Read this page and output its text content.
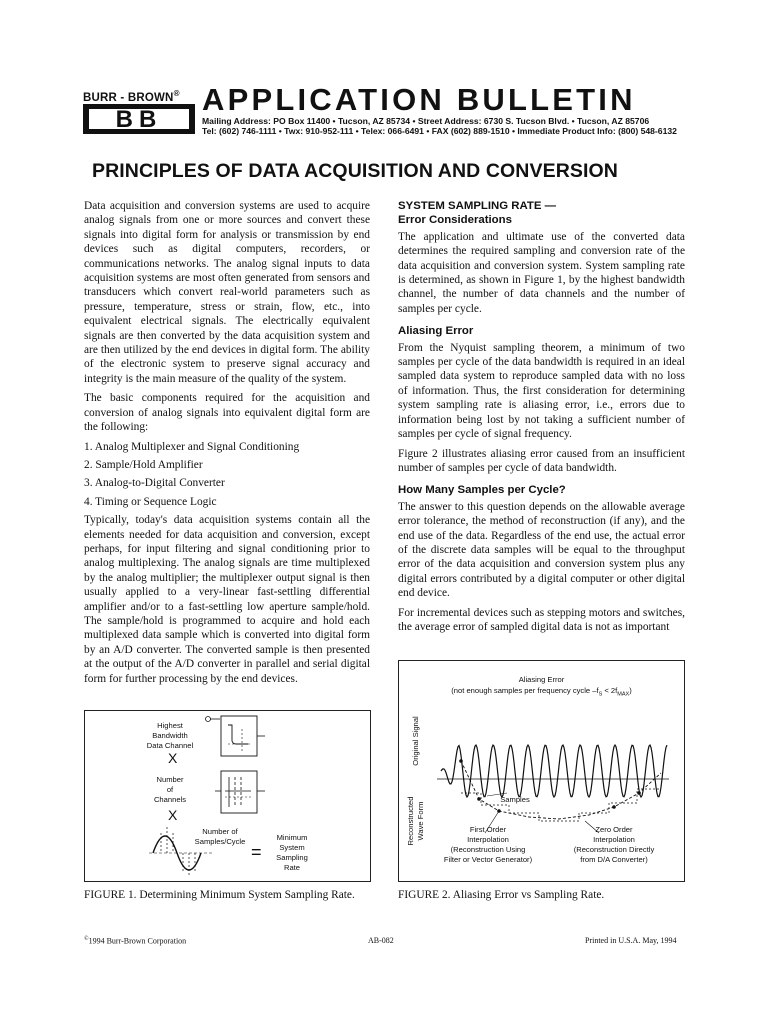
BURR - BROWN®
BB
APPLICATION BULLETIN
Mailing Address: PO Box 11400 • Tucson, AZ 85734 • Street Address: 6730 S. Tucson Blvd. • Tucson, AZ 85706
Tel: (602) 746-1111 • Twx: 910-952-111 • Telex: 066-6491 • FAX (602) 889-1510 • Immediate Product Info: (800) 548-6132
PRINCIPLES OF DATA ACQUISITION AND CONVERSION

Data acquisition and conversion systems are used to acquire analog signals from one or more sources and convert these signals into digital form for analysis or transmission by end devices such as digital computers, recorders, or communications networks. The analog signal inputs to data acquisition systems are most often generated from sensors and transducers which convert real-world parameters such as pressure, temperature, stress or strain, flow, etc., into equivalent electrical signals. The electrically equivalent signals are then converted by the data acquisition system and are then utilized by the end devices in digital form. The ability of the electronic system to preserve signal accuracy and integrity is the main measure of the quality of the system.

The basic components required for the acquisition and conversion of analog signals into equivalent digital form are the following:

1. Analog Multiplexer and Signal Conditioning
2. Sample/Hold Amplifier
3. Analog-to-Digital Converter
4. Timing or Sequence Logic

Typically, today's data acquisition systems contain all the elements needed for data acquisition and conversion, except perhaps, for input filtering and signal conditioning prior to analog multiplexing. The analog signals are time multiplexed by the analog multiplier; the multiplexer output signal is then usually applied to a very-linear fast-settling differential amplifier and/or to a fast-settling low aperture sample/hold. The sample/hold is programmed to acquire and hold each multiplexed data sample which is converted into digital form by an A/D converter. The converted sample is then presented at the output of the A/D converter in parallel and serial digital form for further processing by the end devices.

SYSTEM SAMPLING RATE —
Error Considerations

The application and ultimate use of the converted data determines the required sampling and conversion rate of the data acquisition and conversion system. System sampling rate is determined, as shown in Figure 1, by the highest bandwidth channel, the number of data channels and the number of samples per cycle.

Aliasing Error

From the Nyquist sampling theorem, a minimum of two samples per cycle of the data bandwidth is required in an ideal sampled data system to reproduce sampled data with no loss of information. Thus, the first consideration for determining system sampling rate is aliasing error, i.e., errors due to information being lost by not taking a sufficient number of samples per cycle of signal frequency.

Figure 2 illustrates aliasing error caused from an insufficient number of samples per cycle of data bandwidth.

How Many Samples per Cycle?

The answer to this question depends on the allowable average error tolerance, the method of reconstruction (if any), and the end use of the data. Regardless of the end use, the actual error of the discrete data samples will be equal to the throughput error of the data acquisition and conversion system plus any digital errors contributed by a digital computer or other digital end device.

For incremental devices such as stepping motors and switches, the average error of sampled digital data is not as important

Highest
Bandwidth
Data Channel
X
Number
of
Channels
X
Number of
Samples/Cycle
=
Minimum
System
Sampling
Rate
FIGURE 1. Determining Minimum System Sampling Rate.
Aliasing Error
(not enough samples per frequency cycle $-f_S < 2f_{MAX}$)
Original Signal
Reconstructed
Wave Form
Samples
First Order
Interpolation
(Reconstruction Using
Filter or Vector Generator)
Zero Order
Interpolation
(Reconstruction Directly
from D/A Converter)
FIGURE 2. Aliasing Error vs Sampling Rate.
©1994 Burr-Brown Corporation	AB-082	Printed in U.S.A. May, 1994
